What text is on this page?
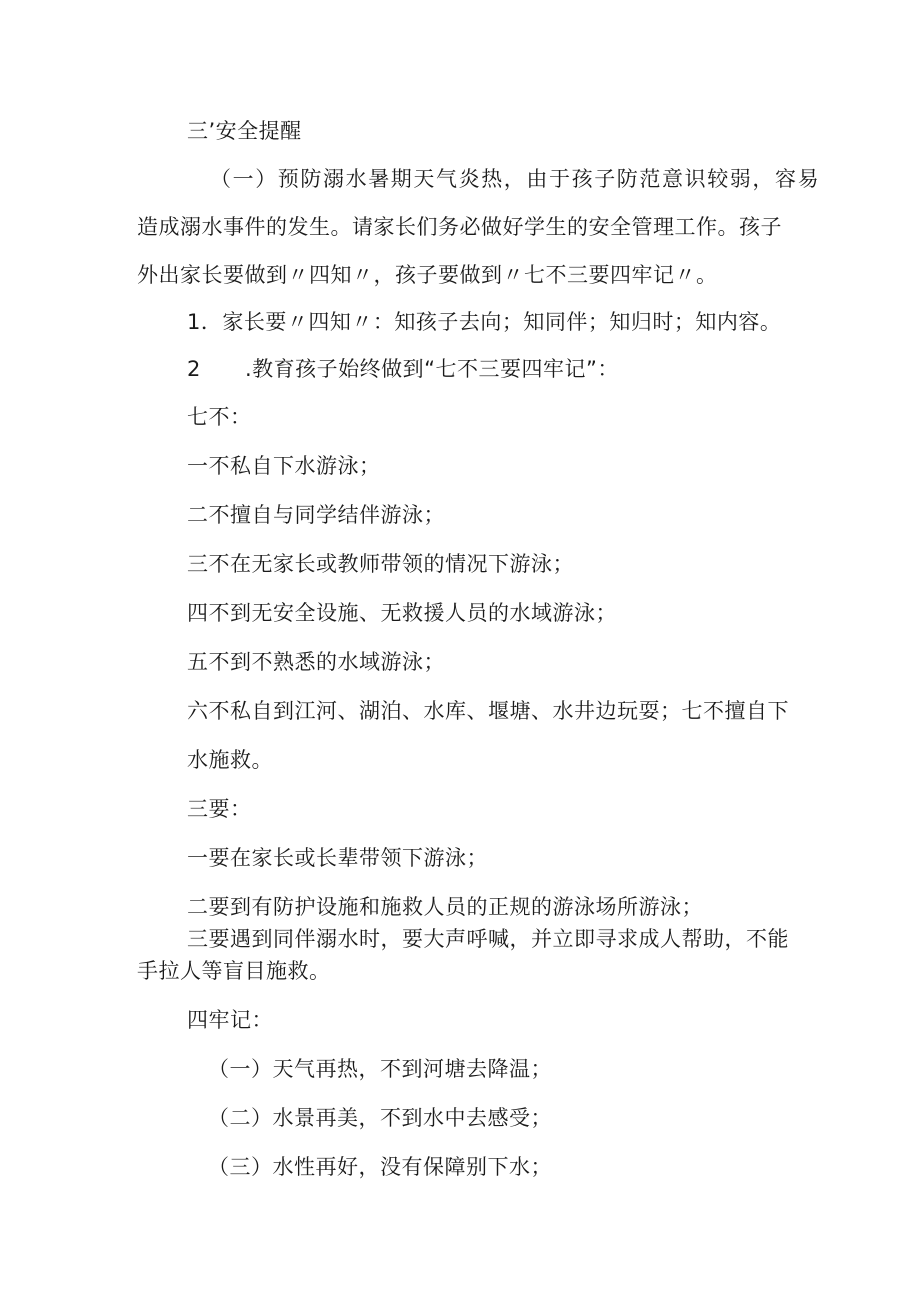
三’安全提醒
（一）预防溺水暑期天气炎热，由于孩子防范意识较弱，容易
造成溺水事件的发生。请家长们务必做好学生的安全管理工作。孩子
外出家长要做到〃四知〃，孩子要做到〃七不三要四牢记〃。
1．家长要〃四知〃：知孩子去向；知同伴；知归时；知内容。
2 .教育孩子始终做到“七不三要四牢记”：
七不：
一不私自下水游泳；
二不擅自与同学结伴游泳；
三不在无家长或教师带领的情况下游泳；
四不到无安全设施、无救援人员的水域游泳；
五不到不熟悉的水域游泳；
六不私自到江河、湖泊、水库、堰塘、水井边玩耍；七不擅自下
水施救。
三要：
一要在家长或长辈带领下游泳；
二要到有防护设施和施救人员的正规的游泳场所游泳；
三要遇到同伴溺水时，要大声呼喊，并立即寻求成人帮助，不能
手拉人等盲目施救。
四牢记：
（一）天气再热，不到河塘去降温；
（二）水景再美，不到水中去感受；
（三）水性再好，没有保障别下水；
